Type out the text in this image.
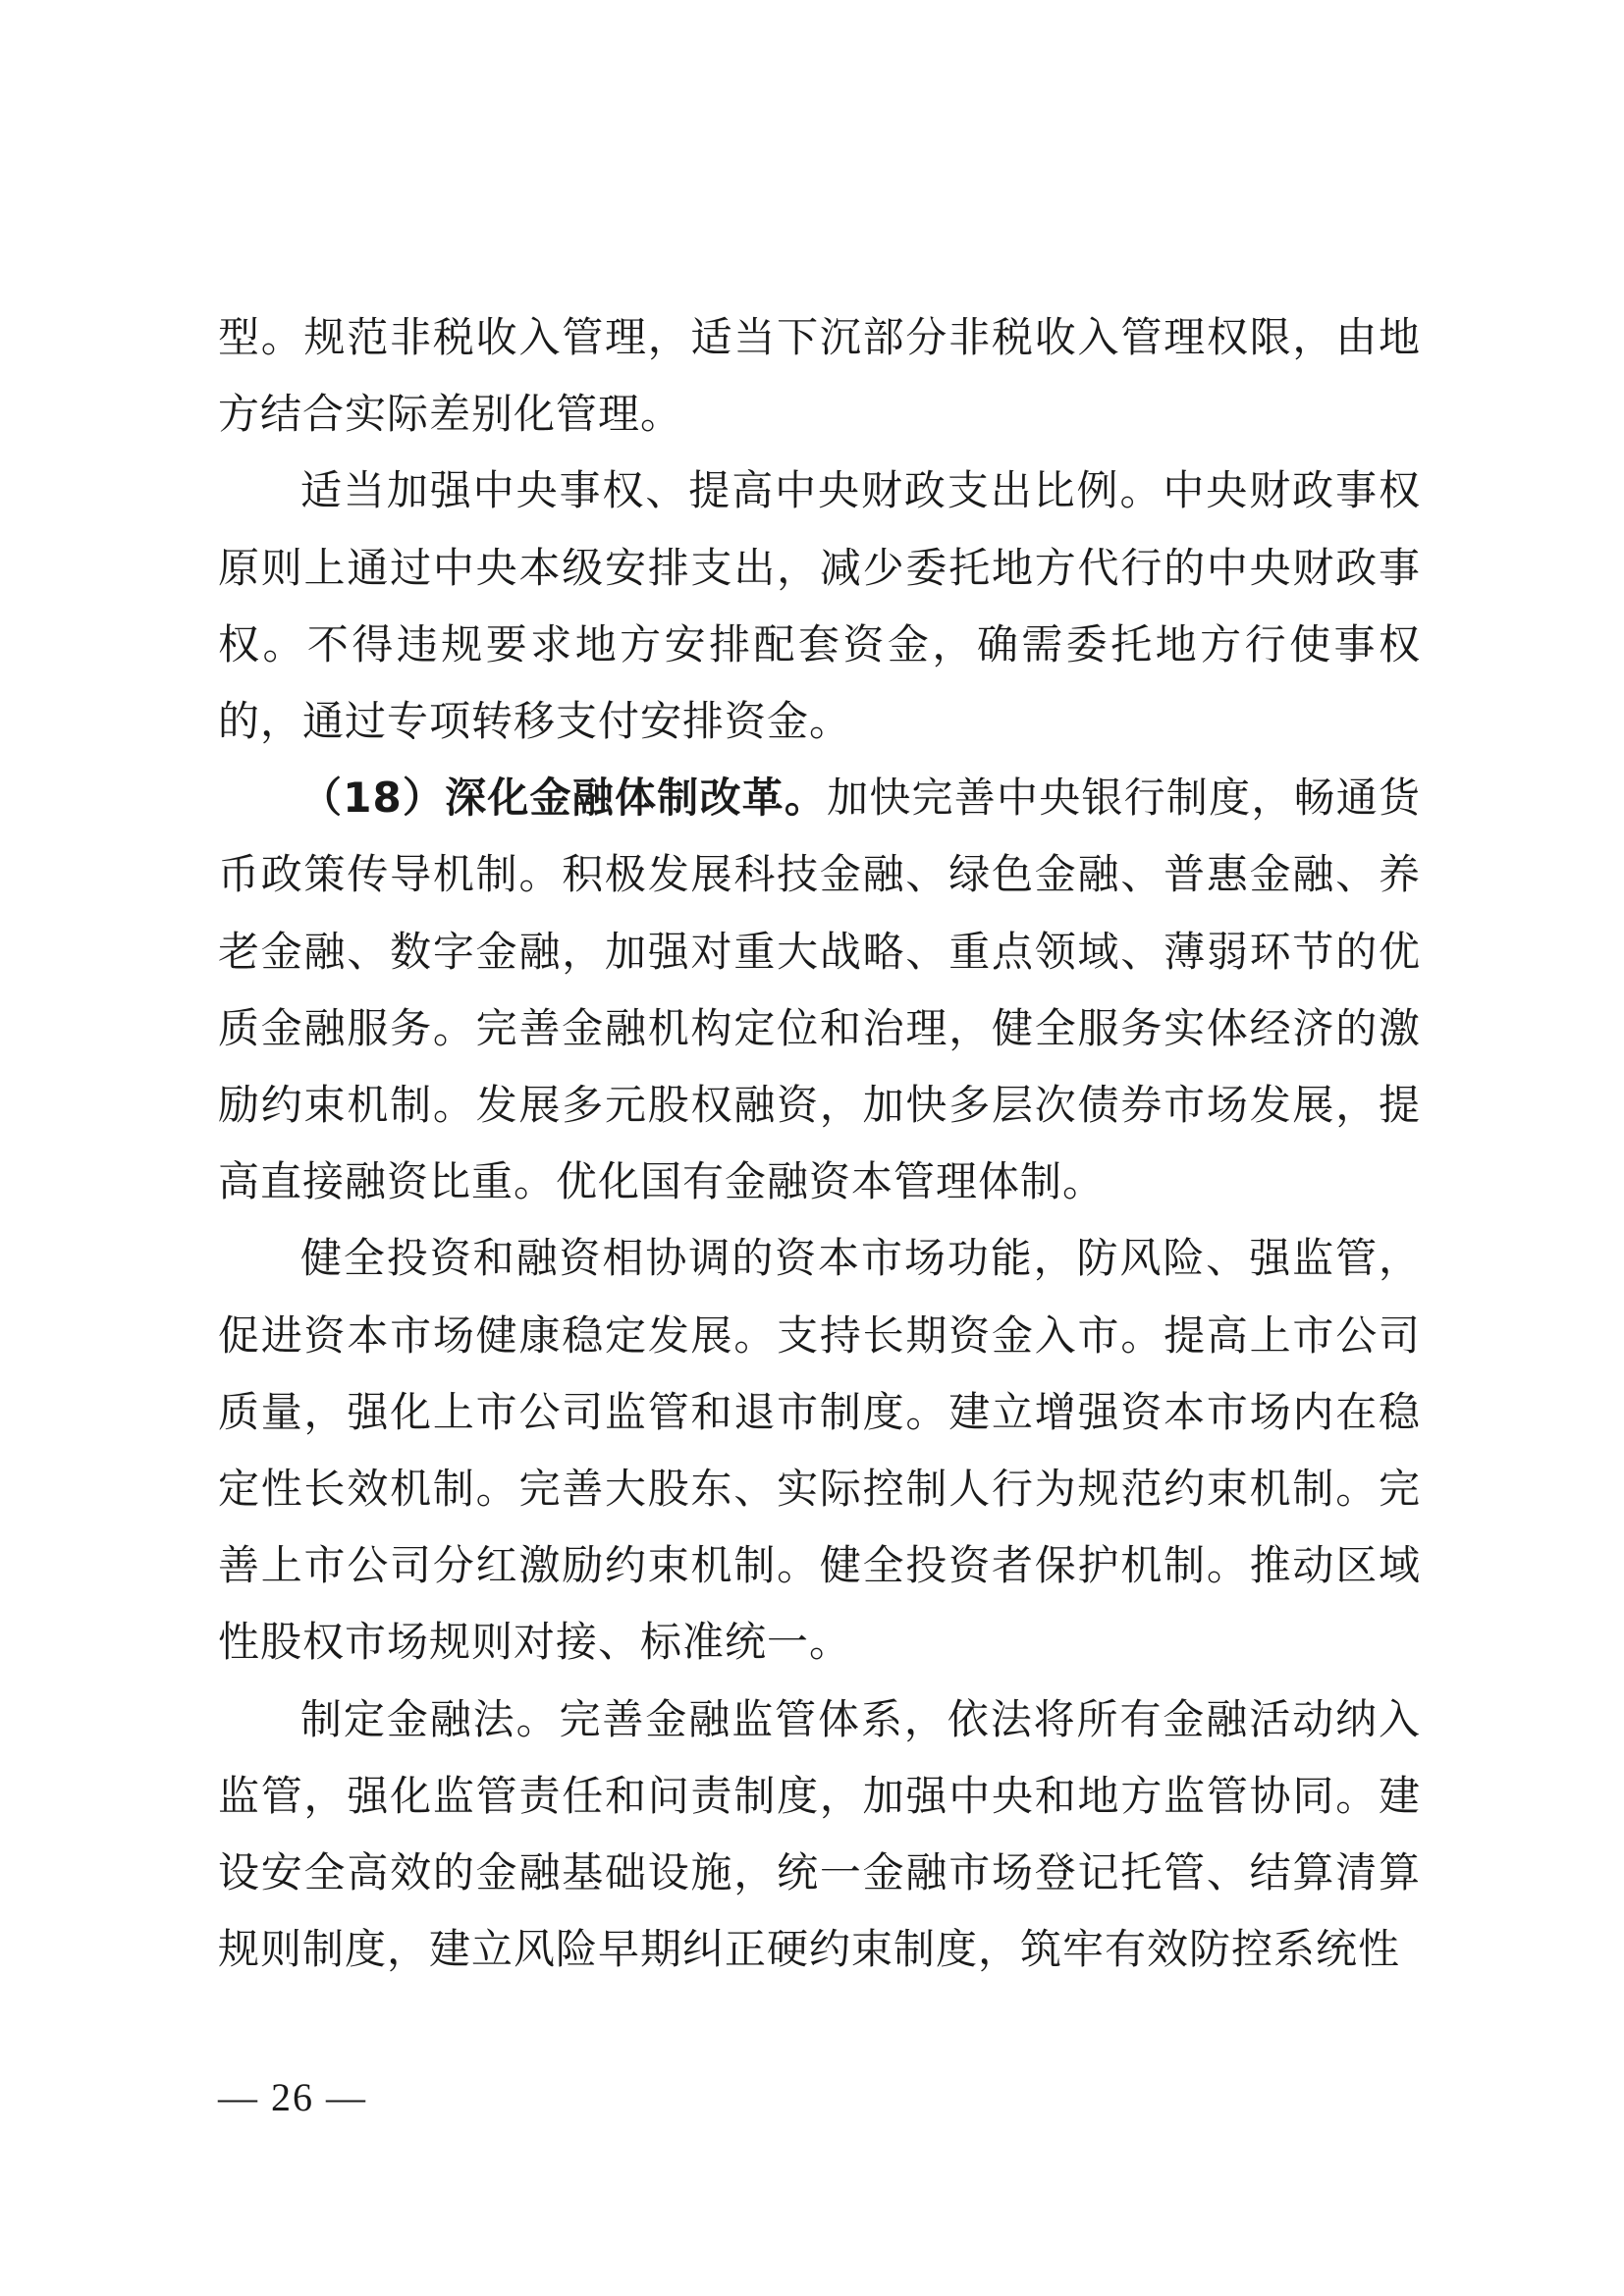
型。规范非税收入管理，适当下沉部分非税收入管理权限，由地方结合实际差别化管理。

适当加强中央事权、提高中央财政支出比例。中央财政事权原则上通过中央本级安排支出，减少委托地方代行的中央财政事权。不得违规要求地方安排配套资金，确需委托地方行使事权的，通过专项转移支付安排资金。

（18）深化金融体制改革。加快完善中央银行制度，畅通货币政策传导机制。积极发展科技金融、绿色金融、普惠金融、养老金融、数字金融，加强对重大战略、重点领域、薄弱环节的优质金融服务。完善金融机构定位和治理，健全服务实体经济的激励约束机制。发展多元股权融资，加快多层次债券市场发展，提高直接融资比重。优化国有金融资本管理体制。

健全投资和融资相协调的资本市场功能，防风险、强监管，促进资本市场健康稳定发展。支持长期资金入市。提高上市公司质量，强化上市公司监管和退市制度。建立增强资本市场内在稳定性长效机制。完善大股东、实际控制人行为规范约束机制。完善上市公司分红激励约束机制。健全投资者保护机制。推动区域性股权市场规则对接、标准统一。

制定金融法。完善金融监管体系，依法将所有金融活动纳入监管，强化监管责任和问责制度，加强中央和地方监管协同。建设安全高效的金融基础设施，统一金融市场登记托管、结算清算规则制度，建立风险早期纠正硬约束制度，筑牢有效防控系统性

— 26 —
